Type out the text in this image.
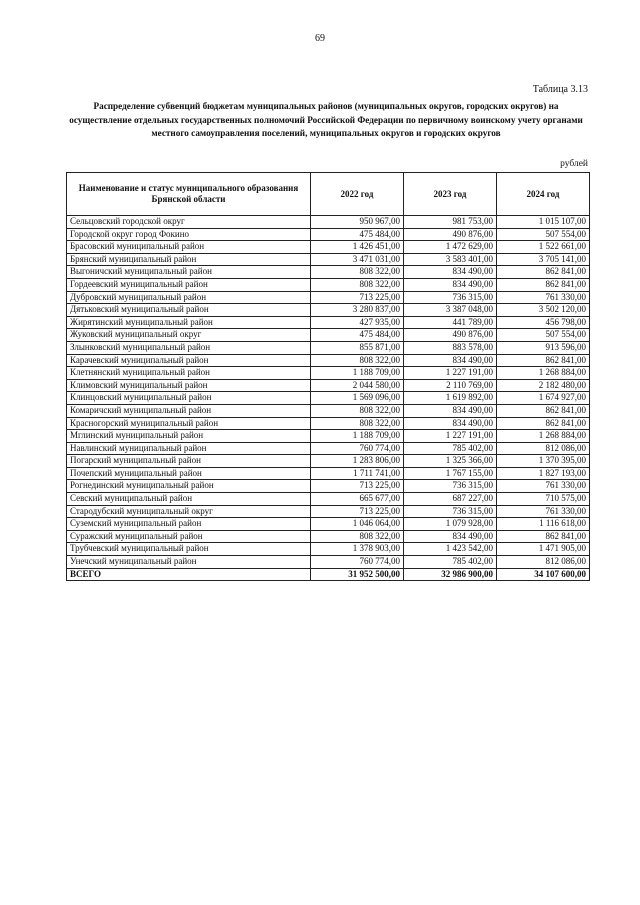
69
Таблица 3.13
Распределение субвенций бюджетам муниципальных районов (муниципальных округов, городских округов) на осуществление отдельных государственных полномочий Российской Федерации по первичному воинскому учету органами местного самоуправления поселений, муниципальных округов и городских округов
рублей
Наименование и статус муниципального образования Брянской области	2022 год	2023 год	2024 год
Сельцовский городской округ	950 967,00	981 753,00	1 015 107,00
Городской округ город Фокино	475 484,00	490 876,00	507 554,00
Брасовский муниципальный район	1 426 451,00	1 472 629,00	1 522 661,00
Брянский муниципальный район	3 471 031,00	3 583 401,00	3 705 141,00
Выгоничский муниципальный район	808 322,00	834 490,00	862 841,00
Гордеевский муниципальный район	808 322,00	834 490,00	862 841,00
Дубровский муниципальный район	713 225,00	736 315,00	761 330,00
Дятьковский муниципальный район	3 280 837,00	3 387 048,00	3 502 120,00
Жирятинский муниципальный район	427 935,00	441 789,00	456 798,00
Жуковский муниципальный округ	475 484,00	490 876,00	507 554,00
Злынковский муниципальный район	855 871,00	883 578,00	913 596,00
Карачевский муниципальный район	808 322,00	834 490,00	862 841,00
Клетнянский муниципальный район	1 188 709,00	1 227 191,00	1 268 884,00
Климовский муниципальный район	2 044 580,00	2 110 769,00	2 182 480,00
Клинцовский муниципальный район	1 569 096,00	1 619 892,00	1 674 927,00
Комаричский муниципальный район	808 322,00	834 490,00	862 841,00
Красногорский муниципальный район	808 322,00	834 490,00	862 841,00
Мглинский муниципальный район	1 188 709,00	1 227 191,00	1 268 884,00
Навлинский муниципальный район	760 774,00	785 402,00	812 086,00
Погарский муниципальный район	1 283 806,00	1 325 366,00	1 370 395,00
Почепский муниципальный район	1 711 741,00	1 767 155,00	1 827 193,00
Рогнединский муниципальный район	713 225,00	736 315,00	761 330,00
Севский муниципальный район	665 677,00	687 227,00	710 575,00
Стародубский муниципальный округ	713 225,00	736 315,00	761 330,00
Суземский муниципальный район	1 046 064,00	1 079 928,00	1 116 618,00
Суражский муниципальный район	808 322,00	834 490,00	862 841,00
Трубчевский муниципальный район	1 378 903,00	1 423 542,00	1 471 905,00
Унечский муниципальный район	760 774,00	785 402,00	812 086,00
ВСЕГО	31 952 500,00	32 986 900,00	34 107 600,00
